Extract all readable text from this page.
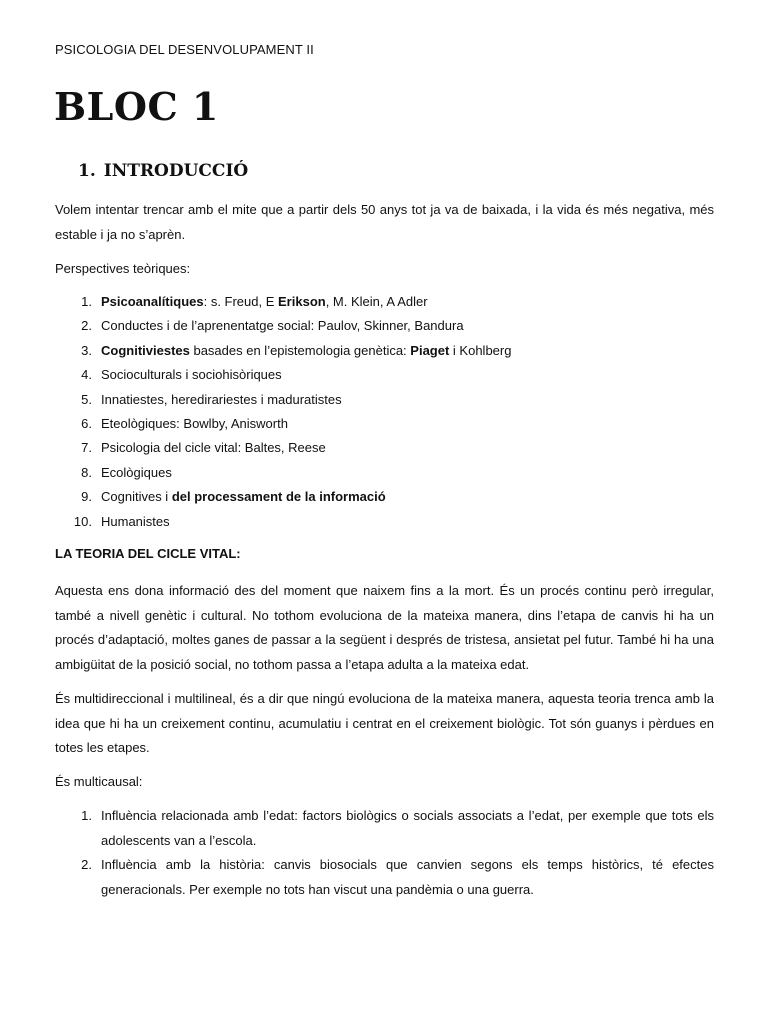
PSICOLOGIA DEL DESENVOLUPAMENT II
BLOC 1
1. INTRODUCCIÓ
Volem intentar trencar amb el mite que a partir dels 50 anys tot ja va de baixada, i la vida és més negativa, més estable i ja no s’aprèn.
Perspectives teòriques:
1. Psicoanalítiques: s. Freud, E Erikson, M. Klein, A Adler
2. Conductes i de l’aprenentatge social: Paulov, Skinner, Bandura
3. Cognitiviestes basades en l’epistemologia genètica: Piaget i Kohlberg
4. Socioculturals i sociohisòriques
5. Innatiestes, heredirariestes i maduratistes
6. Eteològiques: Bowlby, Anisworth
7. Psicologia del cicle vital: Baltes, Reese
8. Ecològiques
9. Cognitives i del processament de la informació
10. Humanistes
LA TEORIA DEL CICLE VITAL:
Aquesta ens dona informació des del moment que naixem fins a la mort. És un procés continu però irregular, també a nivell genètic i cultural. No tothom evoluciona de la mateixa manera, dins l’etapa de canvis hi ha un procés d’adaptació, moltes ganes de passar a la següent i després de tristesa, ansietat pel futur. També hi ha una ambigüitat de la posició social, no tothom passa a l’etapa adulta a la mateixa edat.
És multidireccional i multilineal, és a dir que ningú evoluciona de la mateixa manera, aquesta teoria trenca amb la idea que hi ha un creixement continu, acumulatiu i centrat en el creixement biològic. Tot són guanys i pèrdues en totes les etapes.
És multicausal:
1. Influència relacionada amb l’edat: factors biològics o socials associats a l’edat, per exemple que tots els adolescents van a l’escola.
2. Influència amb la història: canvis biosocials que canvien segons els temps històrics, té efectes generacionals. Per exemple no tots han viscut una pandèmia o una guerra.
